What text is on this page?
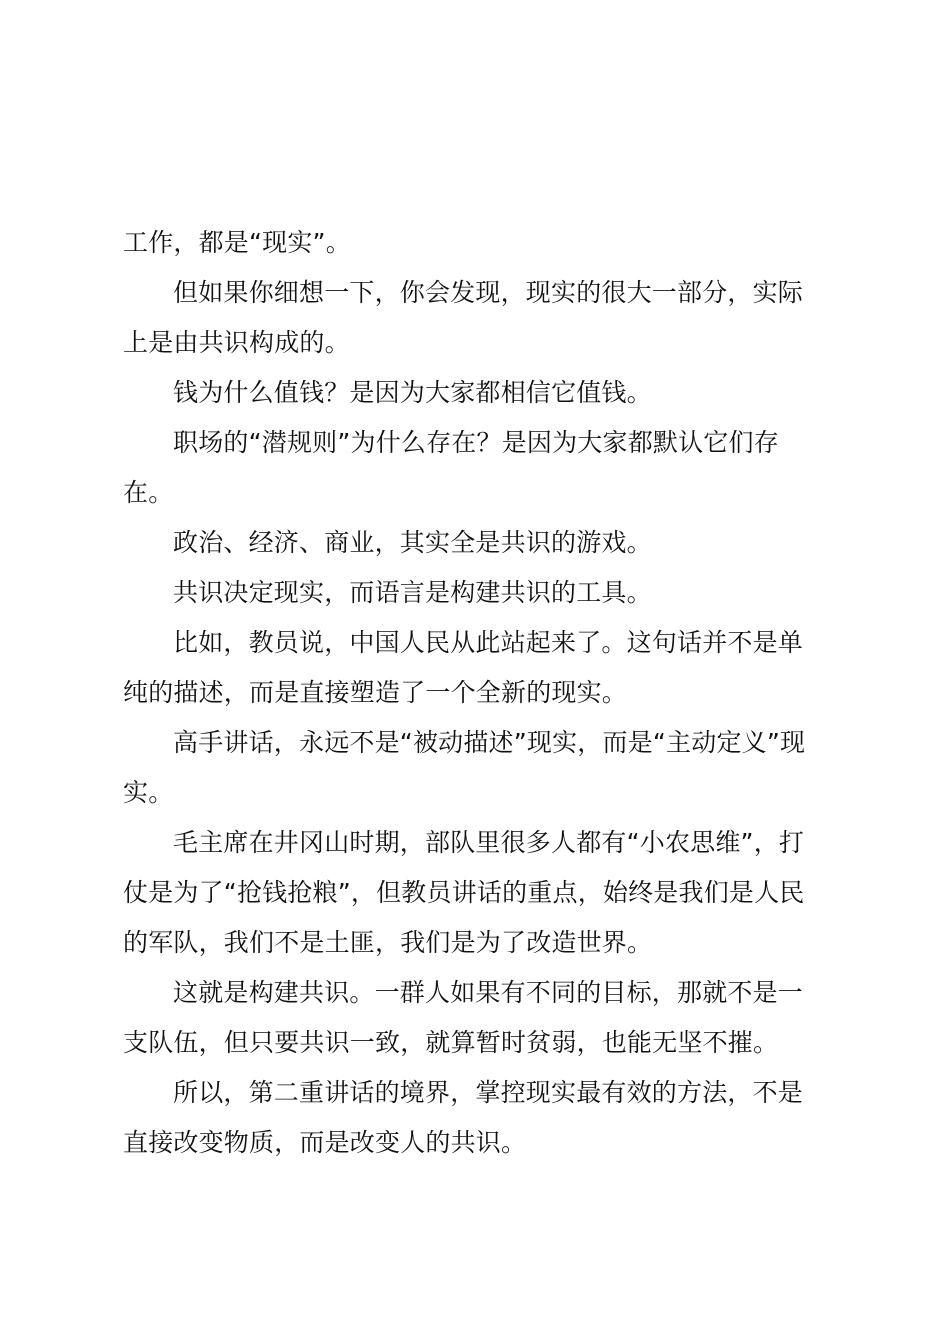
工作，都是“现实”。

但如果你细想一下，你会发现，现实的很大一部分，实际上是由共识构成的。

钱为什么值钱？是因为大家都相信它值钱。

职场的“潜规则”为什么存在？是因为大家都默认它们存在。

政治、经济、商业，其实全是共识的游戏。

共识决定现实，而语言是构建共识的工具。

比如，教员说，中国人民从此站起来了。这句话并不是单纯的描述，而是直接塑造了一个全新的现实。

高手讲话，永远不是“被动描述”现实，而是“主动定义”现实。

毛主席在井冈山时期，部队里很多人都有“小农思维”，打仗是为了“抢钱抢粮”，但教员讲话的重点，始终是我们是人民的军队，我们不是土匪，我们是为了改造世界。

这就是构建共识。一群人如果有不同的目标，那就不是一支队伍，但只要共识一致，就算暂时贫弱，也能无坚不摧。

所以，第二重讲话的境界，掌控现实最有效的方法，不是直接改变物质，而是改变人的共识。
